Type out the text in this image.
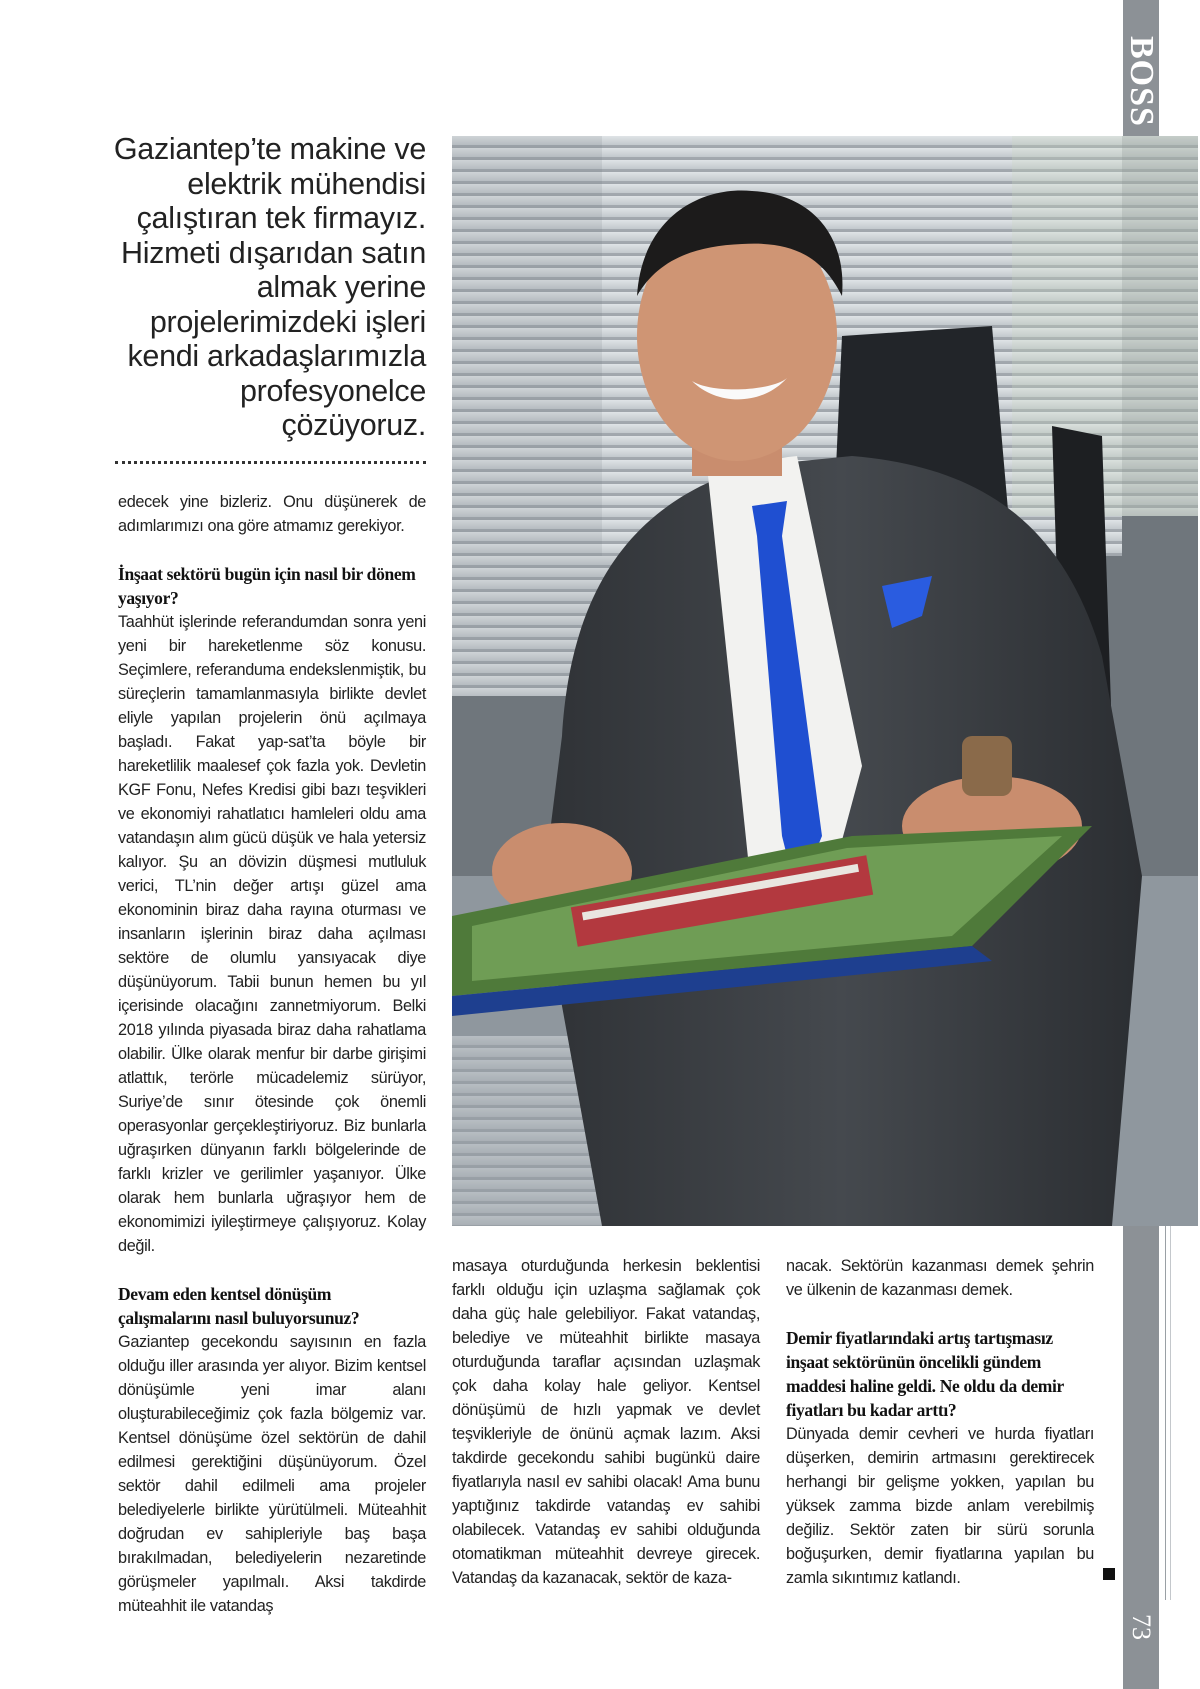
BOSS
73
Gaziantep’te makine ve elektrik mühendisi çalıştıran tek firmayız. Hizmeti dışarıdan satın almak yerine projelerimizdeki işleri kendi arkadaşlarımızla profesyonelce çözüyoruz.

edecek yine bizleriz. Onu düşünerek de adımlarımızı ona göre atmamız gerekiyor.

İnşaat sektörü bugün için nasıl bir dönem yaşıyor?

Taahhüt işlerinde referandumdan sonra yeni yeni bir hareketlenme söz konusu. Seçimlere, referanduma endekslenmiştik, bu süreçlerin tamamlanmasıyla birlikte devlet eliyle yapılan projelerin önü açılmaya başladı. Fakat yap-sat’ta böyle bir hareketlilik maalesef çok fazla yok. Devletin KGF Fonu, Nefes Kredisi gibi bazı teşvikleri ve ekonomiyi rahatlatıcı hamleleri oldu ama vatandaşın alım gücü düşük ve hala yetersiz kalıyor. Şu an dövizin düşmesi mutluluk verici, TL’nin değer artışı güzel ama ekonominin biraz daha rayına oturması ve insanların işlerinin biraz daha açılması sektöre de olumlu yansıyacak diye düşünüyorum. Tabii bunun hemen bu yıl içerisinde olacağını zannetmiyorum. Belki 2018 yılında piyasada biraz daha rahatlama olabilir. Ülke olarak menfur bir darbe girişimi atlattık, terörle mücadelemiz sürüyor, Suriye’de sınır ötesinde çok önemli operasyonlar gerçekleştiriyoruz. Biz bunlarla uğraşırken dünyanın farklı bölgelerinde de farklı krizler ve gerilimler yaşanıyor. Ülke olarak hem bunlarla uğraşıyor hem de ekonomimizi iyileştirmeye çalışıyoruz. Kolay değil.

Devam eden kentsel dönüşüm çalışmalarını nasıl buluyorsunuz?

Gaziantep gecekondu sayısının en fazla olduğu iller arasında yer alıyor. Bizim kentsel dönüşümle yeni imar alanı oluşturabileceğimiz çok fazla bölgemiz var. Kentsel dönüşüme özel sektörün de dahil edilmesi gerektiğini düşünüyorum. Özel sektör dahil edilmeli ama projeler belediyelerle birlikte yürütülmeli. Müteahhit doğrudan ev sahipleriyle baş başa bırakılmadan, belediyelerin nezaretinde görüşmeler yapılmalı. Aksi takdirde müteahhit ile vatandaş

masaya oturduğunda herkesin beklentisi farklı olduğu için uzlaşma sağlamak çok daha güç hale gelebiliyor. Fakat vatandaş, belediye ve müteahhit birlikte masaya oturduğunda taraflar açısından uzlaşmak çok daha kolay hale geliyor. Kentsel dönüşümü de hızlı yapmak ve devlet teşvikleriyle de önünü açmak lazım. Aksi takdirde gecekondu sahibi bugünkü daire fiyatlarıyla nasıl ev sahibi olacak! Ama bunu yaptığınız takdirde vatandaş ev sahibi olabilecek. Vatandaş ev sahibi olduğunda otomatikman müteahhit devreye girecek. Vatandaş da kazanacak, sektör de kaza-

nacak. Sektörün kazanması demek şehrin ve ülkenin de kazanması demek.

Demir fiyatlarındaki artış tartışmasız inşaat sektörünün öncelikli gündem maddesi haline geldi. Ne oldu da demir fiyatları bu kadar arttı?

Dünyada demir cevheri ve hurda fiyatları düşerken, demirin artmasını gerektirecek herhangi bir gelişme yokken, yapılan bu yüksek zamma bizde anlam verebilmiş değiliz. Sektör zaten bir sürü sorunla boğuşurken, demir fiyatlarına yapılan bu zamla sıkıntımız katlandı.
